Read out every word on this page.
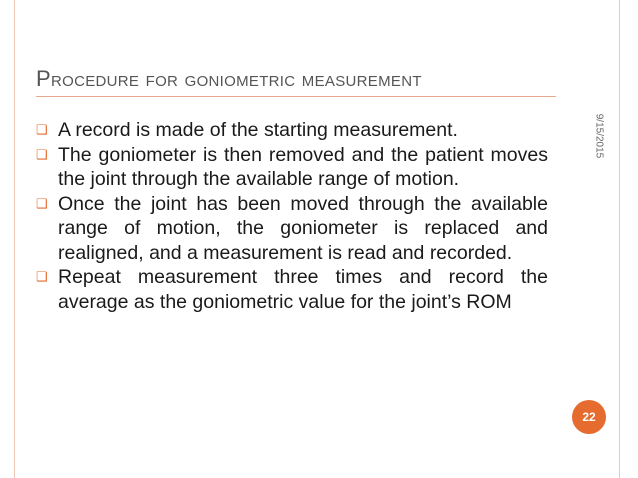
Procedure for goniometric measurement
9/15/2015
❑ A record is made of the starting measurement.
❑ The goniometer is then removed and the patient moves the joint through the available range of motion.
❑ Once the joint has been moved through the available range of motion, the goniometer is replaced and realigned, and a measurement is read and recorded.
❑ Repeat measurement three times and record the average as the goniometric value for the joint’s ROM
22
